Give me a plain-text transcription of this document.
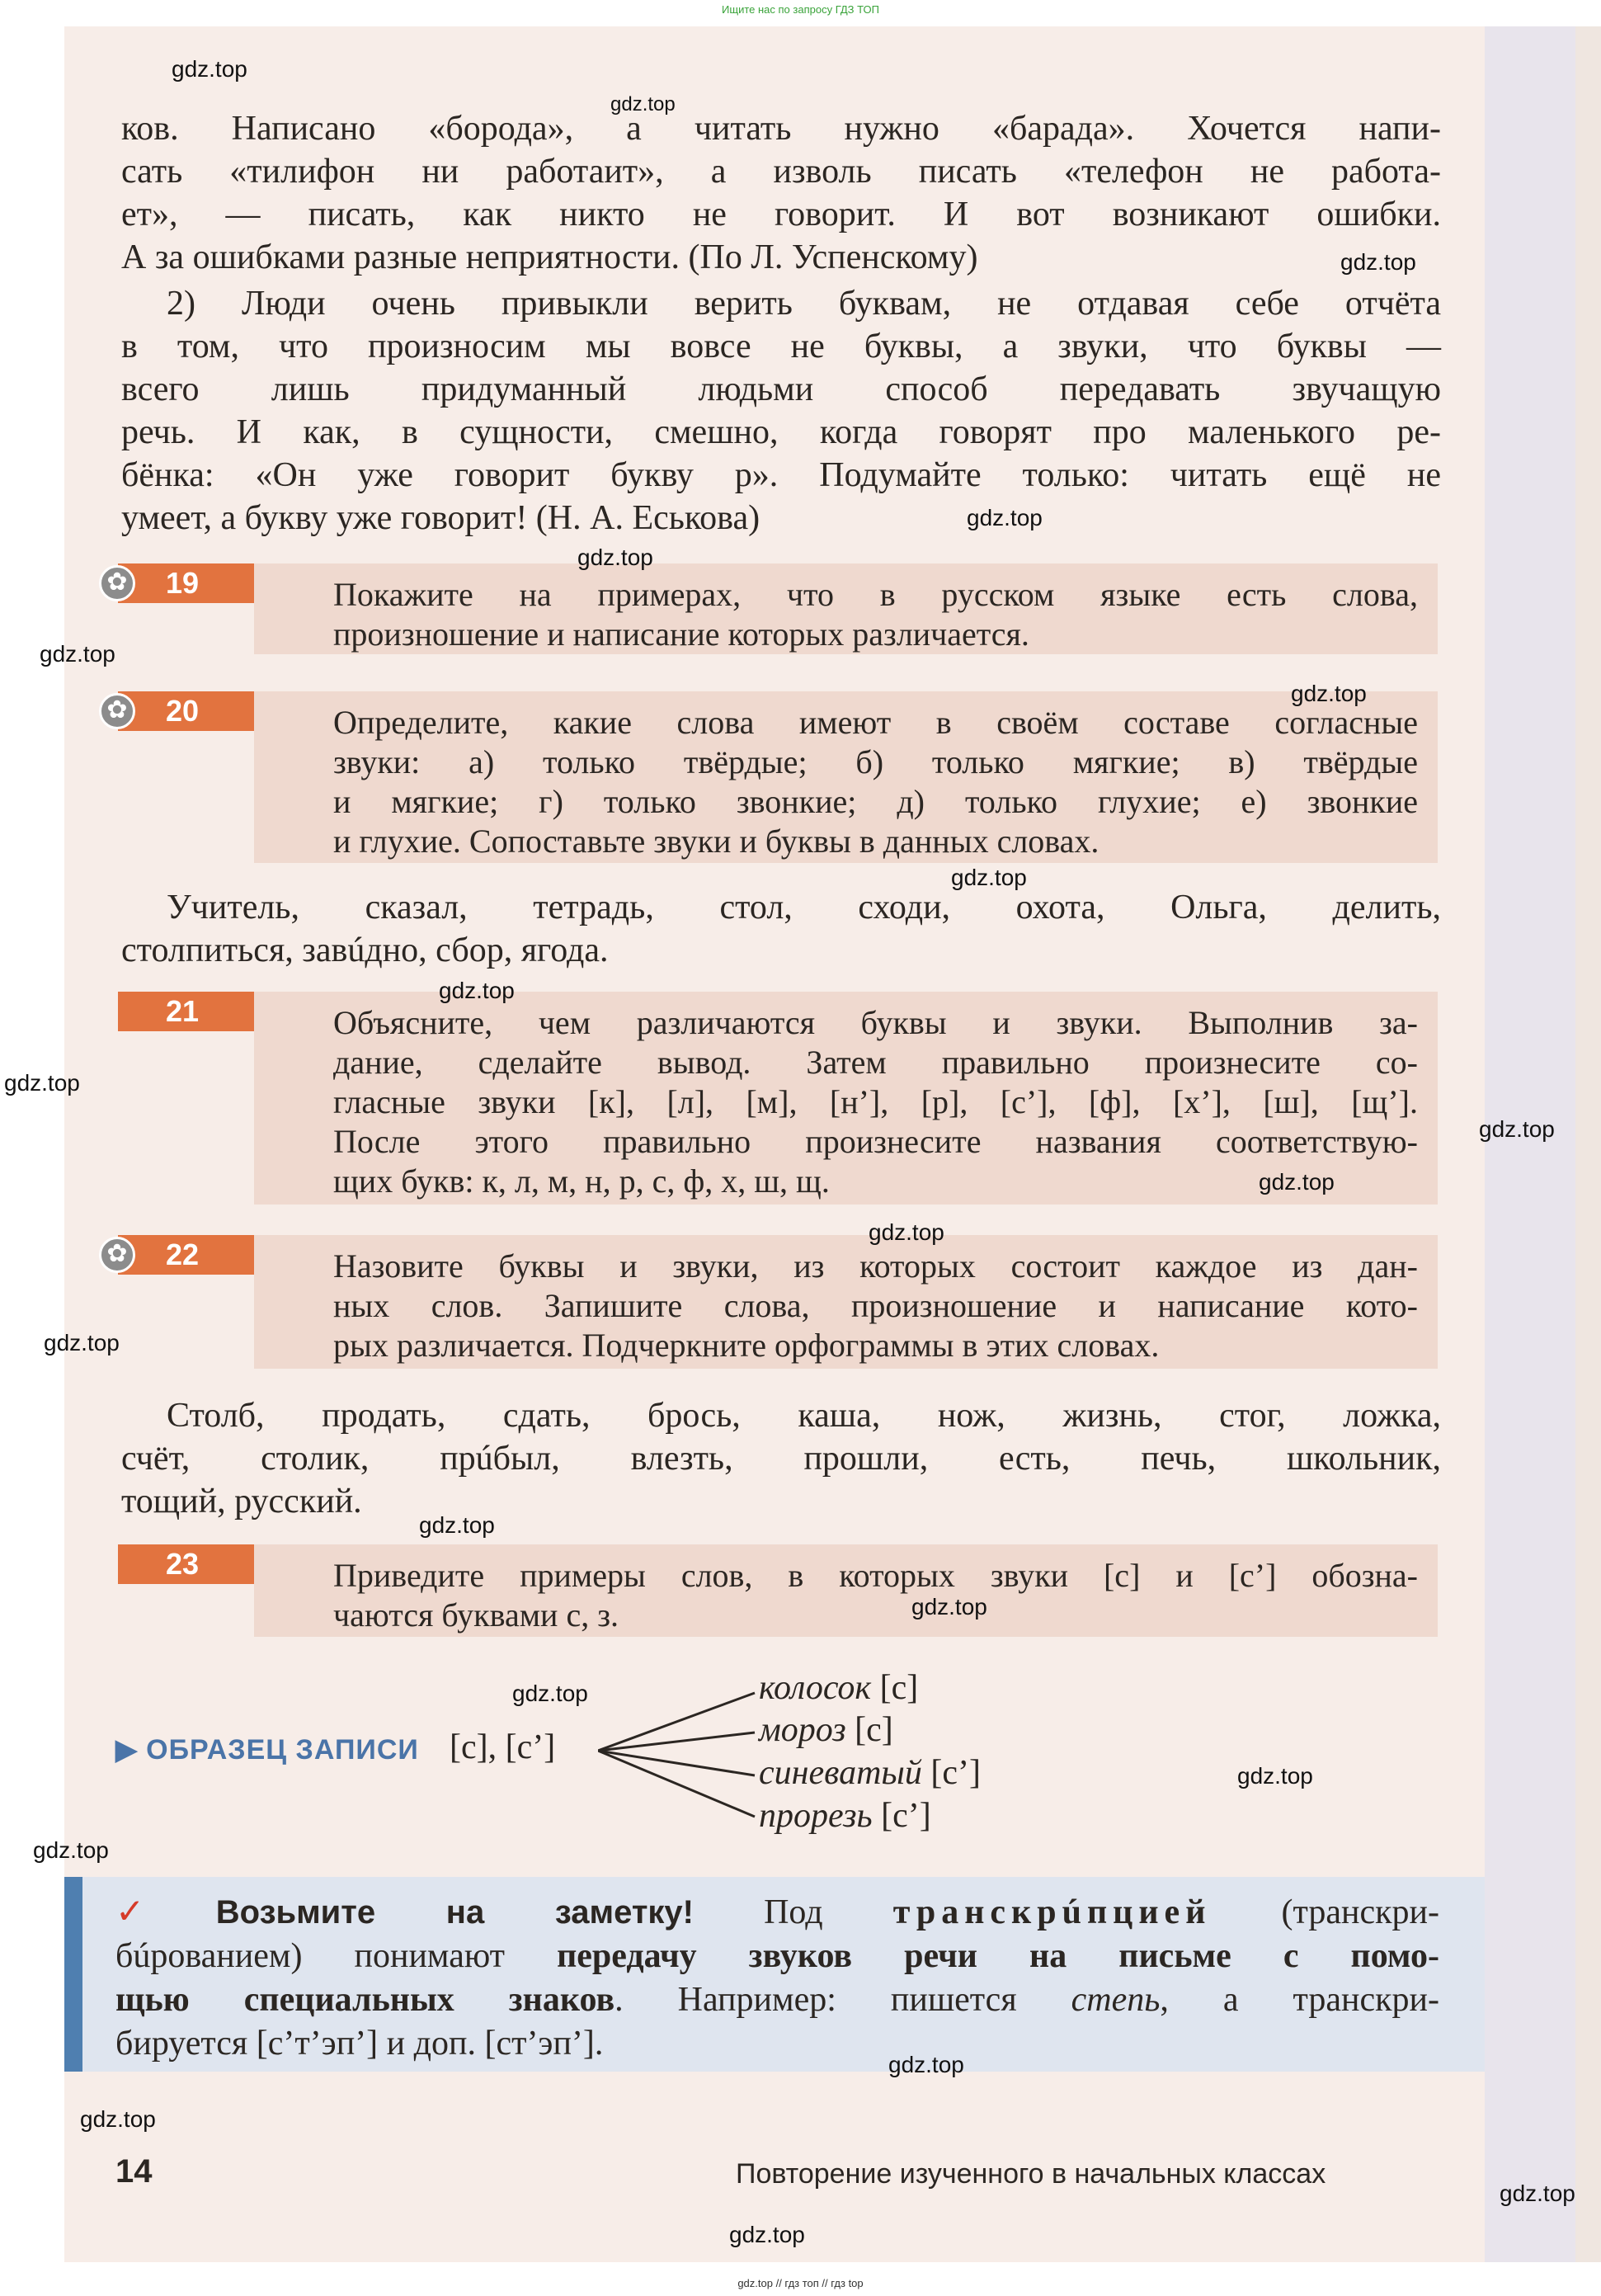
Ищите нас по запросу ГДЗ ТОП

ков. Написано «борода», а читать нужно «барада». Хочется напи-
сать «тилифон ни работаит», а изволь писать «телефон не работа-
ет», — писать, как никто не говорит. И вот возникают ошибки.
А за ошибками разные неприятности. (По Л. Успенскому)

2) Люди очень привыкли верить буквам, не отдавая себе отчёта
в том, что произносим мы вовсе не буквы, а звуки, что буквы —
всего лишь придуманный людьми способ передавать звучащую
речь. И как, в сущности, смешно, когда говорят про маленького ре-
бёнка: «Он уже говорит букву р». Подумайте только: читать ещё не
умеет, а букву уже говорит! (Н. А. Еськова)

19
✿	Покажите на примерах, что в русском языке есть слова,
произношение и написание которых различается.
20
✿	Определите, какие слова имеют в своём составе согласные
звуки: а) только твёрдые; б) только мягкие; в) твёрдые
и мягкие; г) только звонкие; д) только глухие; е) звонкие
и глухие. Сопоставьте звуки и буквы в данных словах.

Учитель, сказал, тетрадь, стол, сходи, охота, Ольга, делить,
столпиться, завúдно, сбор, ягода.

21	Объясните, чем различаются буквы и звуки. Выполнив за-
дание, сделайте вывод. Затем правильно произнесите со-
гласные звуки [к], [л], [м], [н’], [р], [с’], [ф], [х’], [ш], [щ’].
После этого правильно произнесите названия соответствую-
щих букв: к, л, м, н, р, с, ф, х, ш, щ.
22
✿	Назовите буквы и звуки, из которых состоит каждое из дан-
ных слов. Запишите слова, произношение и написание кото-
рых различается. Подчеркните орфограммы в этих словах.

Столб, продать, сдать, брось, каша, нож, жизнь, стог, ложка,
счёт, столик, прúбыл, влезть, прошли, есть, печь, школьник,
тощий, русский.

23	Приведите примеры слов, в которых звуки [с] и [с’] обозна-
чаются буквами с, з.
▶ ОБРАЗЕЦ ЗАПИСИ [с], [с’]
колосок [с]
мороз [с]
синеватый [с’]
прорезь [с’]
✓ Возьмите на заметку! Под транскрúпцией (транскри-
бúрованием) понимают передачу звуков речи на письме с помо-
щью специальных знаков. Например: пишется степь, а транскри-
бируется [с’т’эп’] и доп. [ст’эп’].
14	Повторение изученного в начальных классах
gdz.top
gdz.top
gdz.top
gdz.top
gdz.top
gdz.top
gdz.top
gdz.top
gdz.top
gdz.top
gdz.top
gdz.top
gdz.top
gdz.top
gdz.top
gdz.top
gdz.top
gdz.top
gdz.top
gdz.top
gdz.top
gdz.top
gdz.top
gdz.top // гдз топ // гдз top
